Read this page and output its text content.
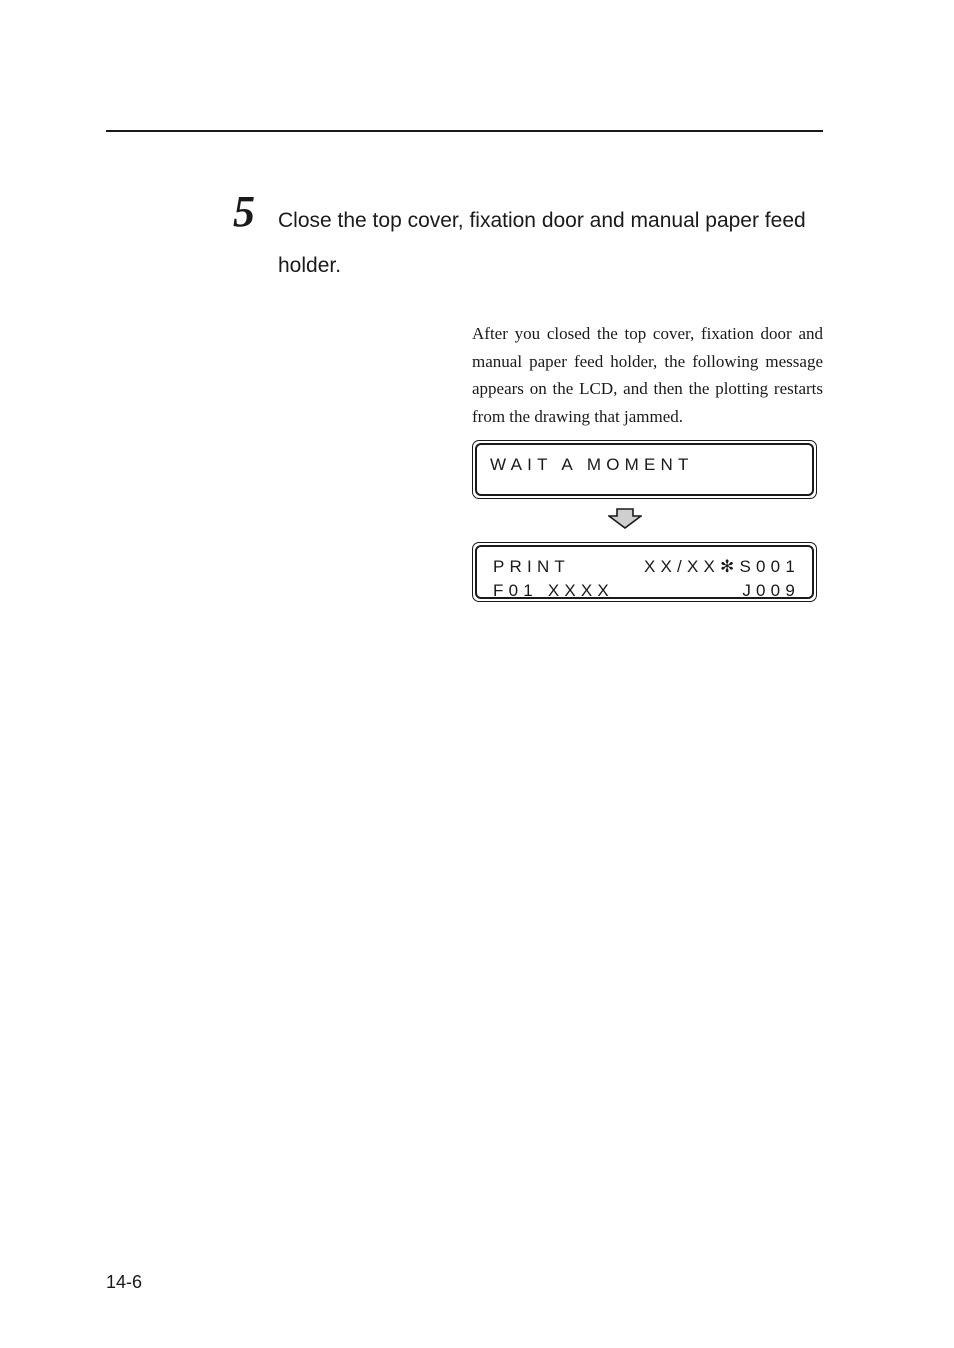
5 Close the top cover, fixation door and manual paper feed holder.
After you closed the top cover, fixation door and manual paper feed holder, the following message appears on the LCD, and then the plotting restarts from the drawing that jammed.
WAIT A MOMENT
PRINT	XX/XX✻S001
F01 XXXX	J009
14-6
